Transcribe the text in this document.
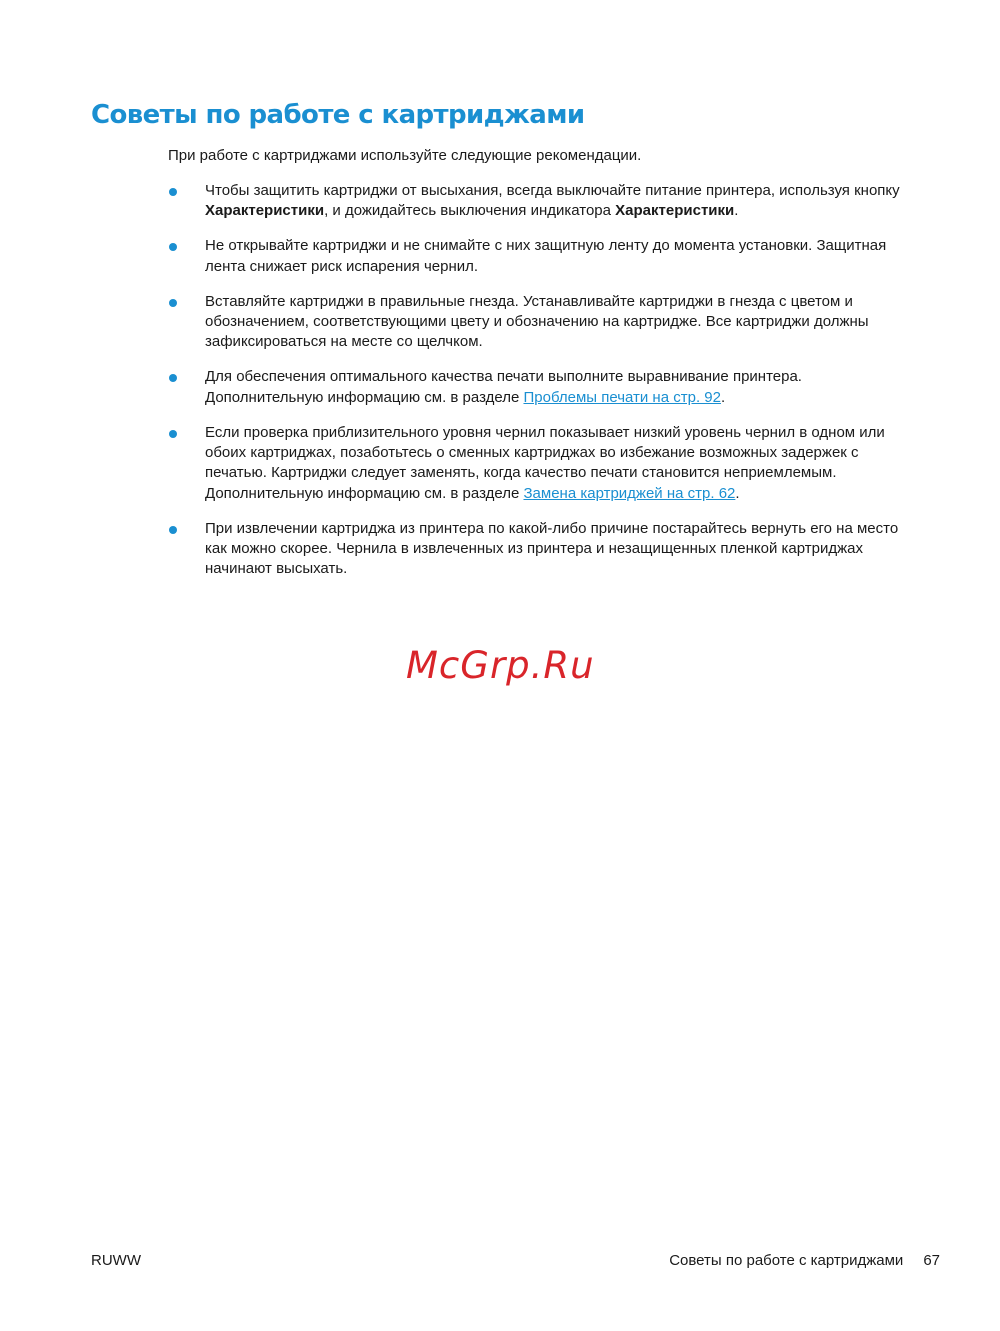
Советы по работе с картриджами

При работе с картриджами используйте следующие рекомендации.

Чтобы защитить картриджи от высыхания, всегда выключайте питание принтера, используя кнопку Характеристики, и дожидайтесь выключения индикатора Характеристики.
Не открывайте картриджи и не снимайте с них защитную ленту до момента установки. Защитная лента снижает риск испарения чернил.
Вставляйте картриджи в правильные гнезда. Устанавливайте картриджи в гнезда с цветом и обозначением, соответствующими цвету и обозначению на картридже. Все картриджи должны зафиксироваться на месте со щелчком.
Для обеспечения оптимального качества печати выполните выравнивание принтера. Дополнительную информацию см. в разделе Проблемы печати на стр. 92.
Если проверка приблизительного уровня чернил показывает низкий уровень чернил в одном или обоих картриджах, позаботьтесь о сменных картриджах во избежание возможных задержек с печатью. Картриджи следует заменять, когда качество печати становится неприемлемым. Дополнительную информацию см. в разделе Замена картриджей на стр. 62.
При извлечении картриджа из принтера по какой-либо причине постарайтесь вернуть его на место как можно скорее. Чернила в извлеченных из принтера и незащищенных пленкой картриджах начинают высыхать.
McGrp.Ru
RUWW	Советы по работе с картриджами 67
